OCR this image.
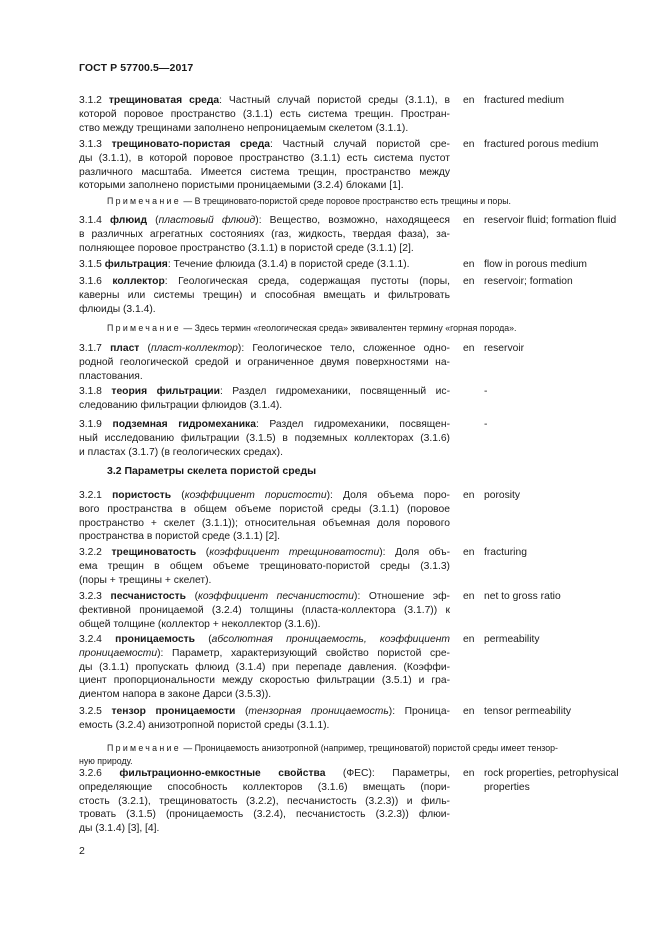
ГОСТ Р 57700.5—2017
3.1.2 трещиноватая среда: Частный случай пористой среды (3.1.1), в
которой поровое пространство (3.1.1) есть система трещин. Простран-
ство между трещинами заполнено непроницаемым скелетом (3.1.1).
en fractured medium
3.1.3 трещиновато-пористая среда: Частный случай пористой сре-
ды (3.1.1), в которой поровое пространство (3.1.1) есть система пустот
различного масштаба. Имеется система трещин, пространство между
которыми заполнено пористыми проницаемыми (3.2.4) блоками [1].
en fractured porous medium
Примечание — В трещиновато-пористой среде поровое пространство есть трещины и поры.
3.1.4 флюид (пластовый флюид): Вещество, возможно, находящееся
в различных агрегатных состояниях (газ, жидкость, твердая фаза), за-
полняющее поровое пространство (3.1.1) в пористой среде (3.1.1) [2].
en reservoir fluid; formation fluid
3.1.5 фильтрация: Течение флюида (3.1.4) в пористой среде (3.1.1).	en flow in porous medium
3.1.6 коллектор: Геологическая среда, содержащая пустоты (поры,
каверны или системы трещин) и способная вмещать и фильтровать
флюиды (3.1.4).
en reservoir; formation
Примечание — Здесь термин «геологическая среда» эквивалентен термину «горная порода».
3.1.7 пласт (пласт-коллектор): Геологическое тело, сложенное одно-
родной геологической средой и ограниченное двумя поверхностями на-
пластования.
en reservoir
3.1.8 теория фильтрации: Раздел гидромеханики, посвященный ис-
следованию фильтрации флюидов (3.1.4).
-
3.1.9 подземная гидромеханика: Раздел гидромеханики, посвящен-
ный исследованию фильтрации (3.1.5) в подземных коллекторах (3.1.6)
и пластах (3.1.7) (в геологических средах).
-
3.2 Параметры скелета пористой среды
3.2.1 пористость (коэффициент пористости): Доля объема поро-
вого пространства в общем объеме пористой среды (3.1.1) (поровое
пространство + скелет (3.1.1)); относительная объемная доля порового
пространства в пористой среде (3.1.1) [2].
en porosity
3.2.2 трещиноватость (коэффициент трещиноватости): Доля объ-
ема трещин в общем объеме трещиновато-пористой среды (3.1.3)
(поры + трещины + скелет).
en fracturing
3.2.3 песчанистость (коэффициент песчанистости): Отношение эф-
фективной проницаемой (3.2.4) толщины (пласта-коллектора (3.1.7)) к
общей толщине (коллектор + неколлектор (3.1.6)).
en net to gross ratio
3.2.4 проницаемость (абсолютная проницаемость, коэффициент
проницаемости): Параметр, характеризующий свойство пористой сре-
ды (3.1.1) пропускать флюид (3.1.4) при перепаде давления. (Коэффи-
циент пропорциональности между скоростью фильтрации (3.5.1) и гра-
диентом напора в законе Дарси (3.5.3)).
en permeability
3.2.5 тензор проницаемости (тензорная проницаемость): Проница-
емость (3.2.4) анизотропной пористой среды (3.1.1).
en tensor permeability
Примечание — Проницаемость анизотропной (например, трещиноватой) пористой среды имеет тензор-
ную природу.
3.2.6 фильтрационно-емкостные свойства (ФЕС): Параметры,
определяющие способность коллекторов (3.1.6) вмещать (пори-
стость (3.2.1), трещиноватость (3.2.2), песчанистость (3.2.3)) и филь-
тровать (3.1.5) (проницаемость (3.2.4), песчанистость (3.2.3)) флюи-
ды (3.1.4) [3], [4].
en rock properties, petrophysical properties
2
